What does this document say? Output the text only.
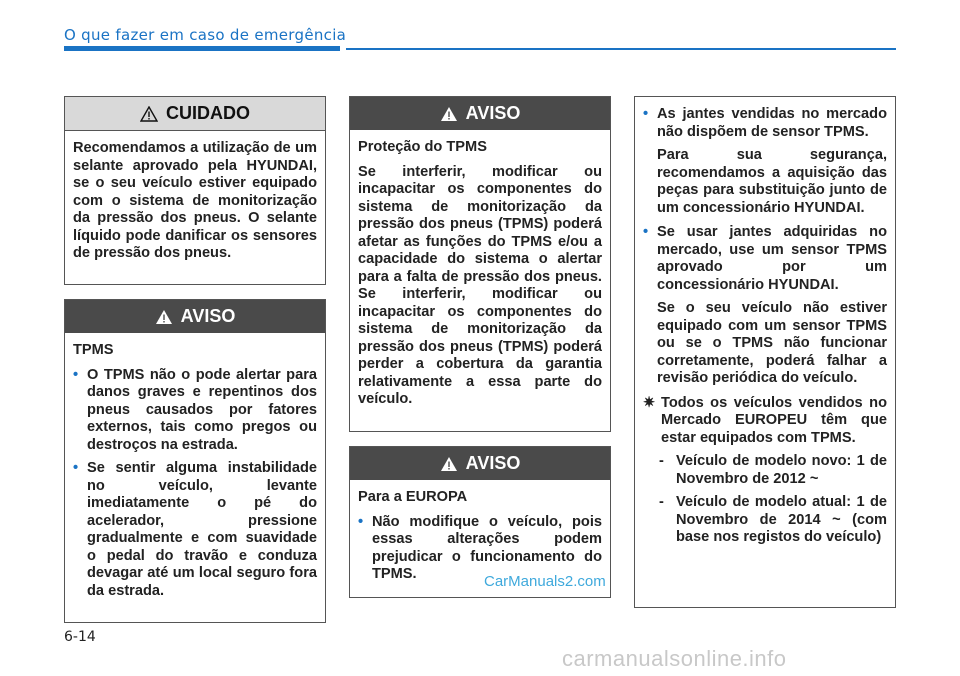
O que fazer em caso de emergência
CUIDADO

Recomendamos a utilização de um selante aprovado pela HYUNDAI, se o seu veículo estiver equipado com o sistema de monitorização da pressão dos pneus. O selante líquido pode danificar os sensores de pressão dos pneus.

AVISO

TPMS

• O TPMS não o pode alertar para danos graves e repentinos dos pneus causados por fatores externos, tais como pregos ou destroços na estrada.
• Se sentir alguma instabilidade no veículo, levante imediatamente o pé do acelerador, pressione gradualmente e com suavidade o pedal do travão e conduza devagar até um local seguro fora da estrada.
AVISO

Proteção do TPMS

Se interferir, modificar ou incapacitar os componentes do sistema de monitorização da pressão dos pneus (TPMS) poderá afetar as funções do TPMS e/ou a capacidade do sistema o alertar para a falta de pressão dos pneus. Se interferir, modificar ou incapacitar os componentes do sistema de monitorização da pressão dos pneus (TPMS) poderá perder a cobertura da garantia relativamente a essa parte do veículo.

AVISO

Para a EUROPA

• Não modifique o veículo, pois essas alterações podem prejudicar o funcionamento do TPMS.
• As jantes vendidas no mercado não dispõem de sensor TPMS.

Para sua segurança, recomendamos a aquisição das peças para substituição junto de um concessionário HYUNDAI.

• Se usar jantes adquiridas no mercado, use um sensor TPMS aprovado por um concessionário HYUNDAI.

Se o seu veículo não estiver equipado com um sensor TPMS ou se o TPMS não funcionar corretamente, poderá falhar a revisão periódica do veículo.

✷ Todos os veículos vendidos no Mercado EUROPEU têm que estar equipados com TPMS.
- Veículo de modelo novo: 1 de Novembro de 2012 ~
- Veículo de modelo atual: 1 de Novembro de 2014 ~ (com base nos registos do veículo)
6-14
CarManuals2.com
carmanualsonline.info
